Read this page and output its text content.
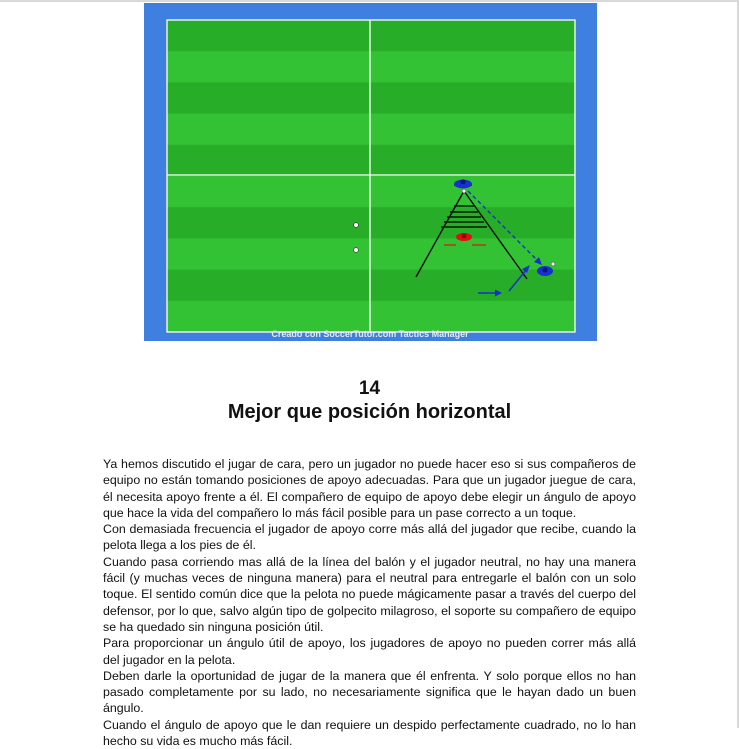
Creado con SoccerTutor.com Tactics Manager
14
Mejor que posición horizontal

Ya hemos discutido el jugar de cara, pero un jugador no puede hacer eso si sus compañeros de equipo no están tomando posiciones de apoyo adecuadas. Para que un jugador juegue de cara, él necesita apoyo frente a él. El compañero de equipo de apoyo debe elegir un ángulo de apoyo que hace la vida del compañero lo más fácil posible para un pase correcto a un toque.

Con demasiada frecuencia el jugador de apoyo corre más allá del jugador que recibe, cuando la pelota llega a los pies de él.

Cuando pasa corriendo mas allá de la línea del balón y el jugador neutral, no hay una manera fácil (y muchas veces de ninguna manera) para el neutral para entregarle el balón con un solo toque. El sentido común dice que la pelota no puede mágicamente pasar a través del cuerpo del defensor, por lo que, salvo algún tipo de golpecito milagroso, el soporte su compañero de equipo se ha quedado sin ninguna posición útil.

Para proporcionar un ángulo útil de apoyo, los jugadores de apoyo no pueden correr más allá del jugador en la pelota.

Deben darle la oportunidad de jugar de la manera que él enfrenta. Y solo porque ellos no han pasado completamente por su lado, no necesariamente significa que le hayan dado un buen ángulo.

Cuando el ángulo de apoyo que le dan requiere un despido perfectamente cuadrado, no lo han hecho su vida es mucho más fácil.
